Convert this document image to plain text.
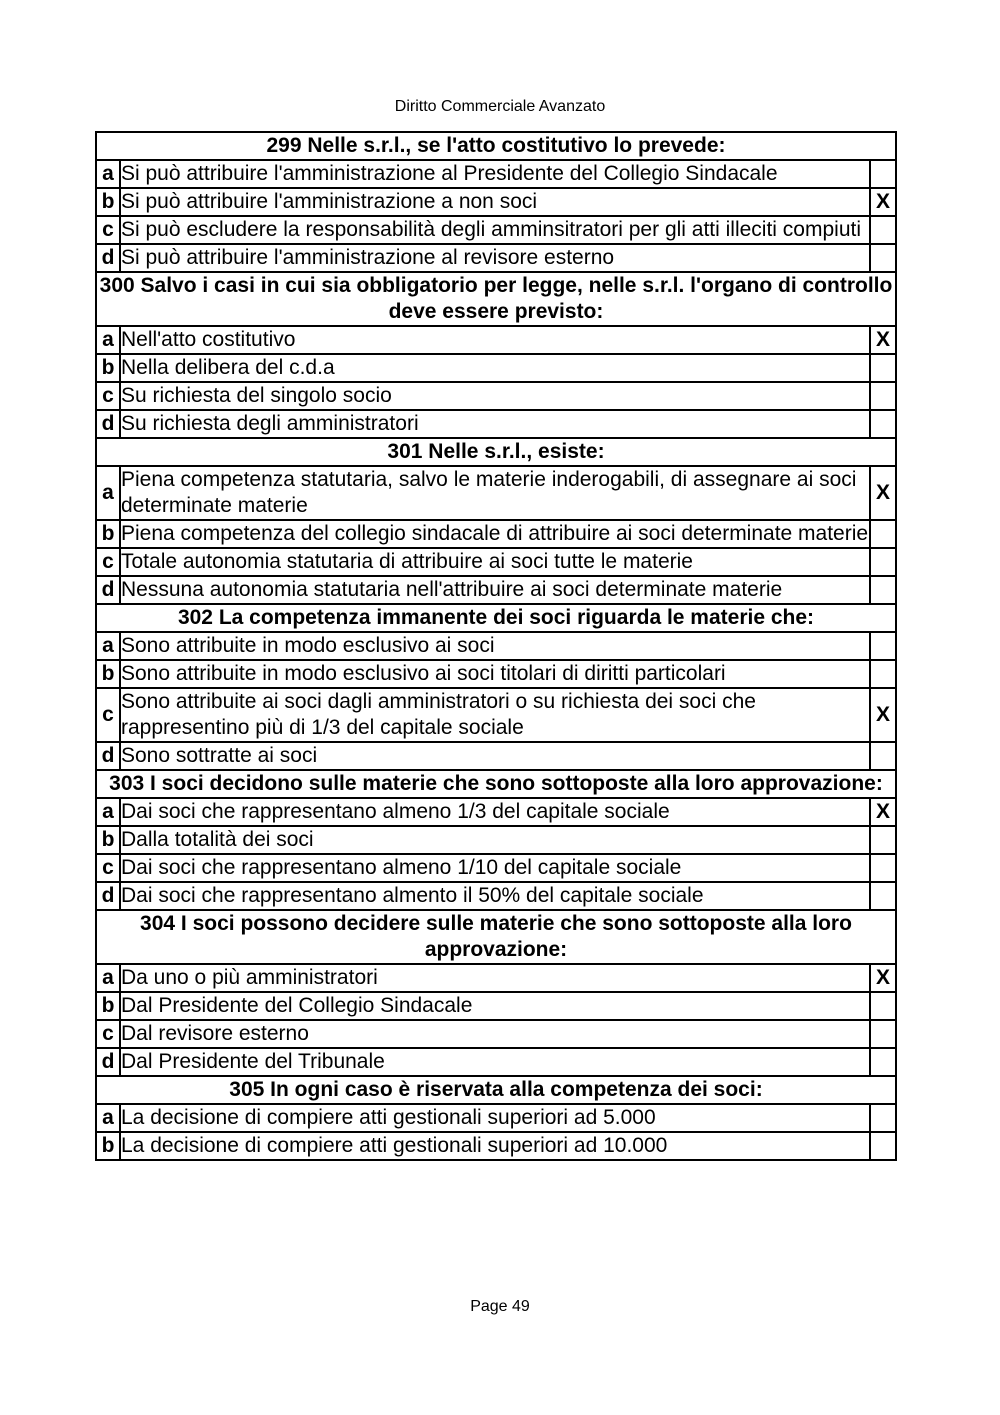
Diritto Commerciale Avanzato
299 Nelle s.r.l., se l'atto costitutivo lo prevede:		
a	Si può attribuire l'amministrazione al Presidente del Collegio Sindacale	
b	Si può attribuire l'amministrazione a non soci	X
c	Si può escludere la responsabilità degli amminsitratori per gli atti illeciti compiuti	
d	Si può attribuire l'amministrazione al revisore esterno	
300 Salvo i casi in cui sia obbligatorio per legge, nelle s.r.l. l'organo di controllo deve essere previsto:		
a	Nell'atto costitutivo	X
b	Nella delibera del c.d.a	
c	Su richiesta del singolo socio	
d	Su richiesta degli amministratori	
301 Nelle s.r.l., esiste:		
a	Piena competenza statutaria, salvo le materie inderogabili, di assegnare ai soci determinate materie	X
b	Piena competenza del collegio sindacale di attribuire ai soci determinate materie	
c	Totale autonomia statutaria di attribuire ai soci tutte le materie	
d	Nessuna autonomia statutaria nell'attribuire ai soci determinate materie	
302 La competenza immanente dei soci riguarda le materie che:		
a	Sono attribuite in modo esclusivo ai soci	
b	Sono attribuite in modo esclusivo ai soci titolari di diritti particolari	
c	Sono attribuite ai soci dagli amministratori o su richiesta dei soci che rappresentino più di 1/3 del capitale sociale	X
d	Sono sottratte ai soci	
303 I soci decidono sulle materie che sono sottoposte alla loro approvazione:		
a	Dai soci che rappresentano almeno 1/3 del capitale sociale	X
b	Dalla totalità dei soci	
c	Dai soci che rappresentano almeno 1/10 del capitale sociale	
d	Dai soci che rappresentano almento il 50% del capitale sociale	
304 I soci possono decidere sulle materie che sono sottoposte alla loro approvazione:		
a	Da uno o più amministratori	X
b	Dal Presidente del Collegio Sindacale	
c	Dal revisore esterno	
d	Dal Presidente del Tribunale	
305 In ogni caso è riservata alla competenza dei soci:		
a	La decisione di compiere atti gestionali superiori ad 5.000	
b	La decisione di compiere atti gestionali superiori ad 10.000	
Page 49
